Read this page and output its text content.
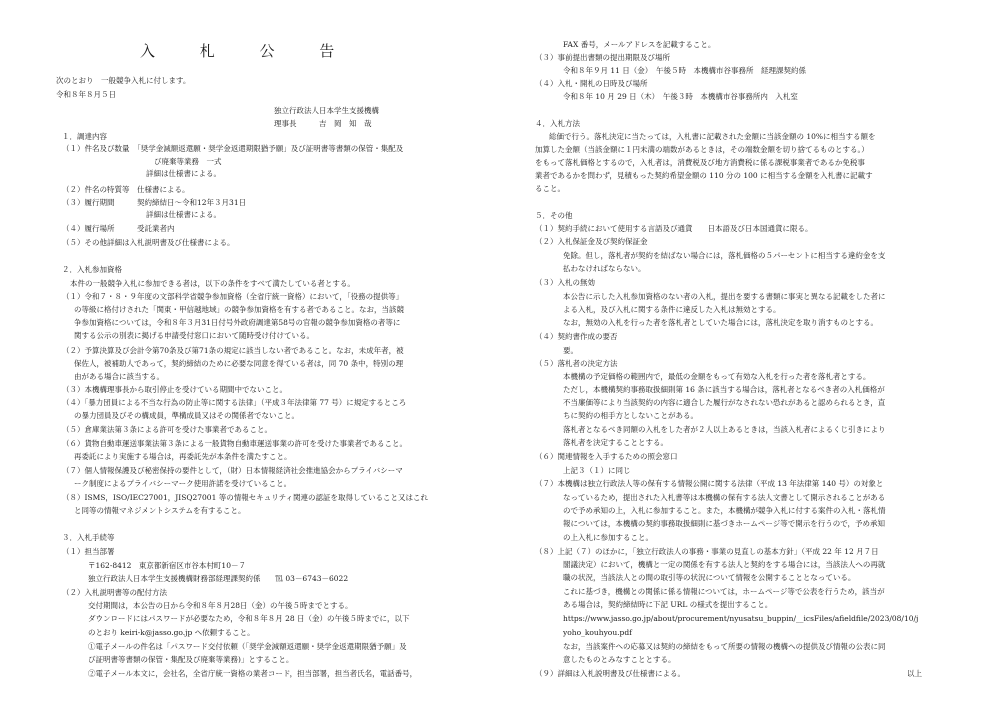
入 札 公 告
次のとおり　一般競争入札に付します。
令和８年８月５日
独立行政法人日本学生支援機構
理事長　　　吉　岡　知　哉
１．調達内容
（１）件名及び数量　「奨学金減額返還願・奨学金返還期限猶予願」及び証明書等書類の保管・集配及
び廃棄等業務　一式
詳細は仕様書による。
（２）件名の特質等　仕様書による。
（３）履行期間　　　契約締結日～令和12年３月31日
詳細は仕様書による。
（４）履行場所　　　受託業者内
（５）その他詳細は入札説明書及び仕様書による。
２．入札参加資格
本件の一般競争入札に参加できる者は，以下の条件をすべて満たしている者とする。
（１）令和７・８・９年度の文部科学省競争参加資格（全省庁統一資格）において，「役務の提供等」
の等級に格付けされた「関東・甲信越地域」の競争参加資格を有する者であること。なお，当該競
争参加資格については，令和８年３月31日付号外政府調達第58号の官報の競争参加資格の者等に
関する公示の別表に掲げる申請受付窓口において随時受け付けている。
（２）予算決算及び会計令第70条及び第71条の規定に該当しない者であること。なお，未成年者，被
保佐人，被補助人であって，契約締結のために必要な同意を得ている者は，同 70 条中，特別の理
由がある場合に該当する。
（３）本機構理事長から取引停止を受けている期間中でないこと。
（４）「暴力団員による不当な行為の防止等に関する法律」（平成３年法律第 77 号）に規定するところ
の暴力団員及びその構成員，準構成員又はその関係者でないこと。
（５）倉庫業法第３条による許可を受けた事業者であること。
（６）貨物自動車運送事業法第３条による一般貨物自動車運送事業の許可を受けた事業者であること。
再委託により実施する場合は，再委託先が本条件を満たすこと。
（７）個人情報保護及び秘密保持の要件として，（財）日本情報経済社会推進協会からプライバシーマ
ーク制度によるプライバシーマーク使用許諾を受けていること。
（８）ISMS，ISO/IEC27001，JISQ27001 等の情報セキュリティ関連の認証を取得していること又はこれ
と同等の情報マネジメントシステムを有すること。
３．入札手続等
（１）担当部署
〒162-8412　東京都新宿区市谷本村町10－７
独立行政法人日本学生支援機構財務部経理課契約係　　℡ 03－6743－6022
（２）入札説明書等の配付方法
交付期間は，本公告の日から令和８年８月28日（金）の午後５時までとする。
ダウンロードにはパスワードが必要なため，令和８年８月 28 日（金）の午後５時までに，以下
のとおり keiri-k@jasso.go.jp へ依頼すること。
①電子メールの件名は「パスワード交付依頼（「奨学金減額返還願・奨学金返還期限猶予願」及
び証明書等書類の保管・集配及び廃棄等業務)」とすること。
②電子メール本文に，会社名，全省庁統一資格の業者コード，担当部署，担当者氏名，電話番号，
FAX 番号，メールアドレスを記載すること。
（３）事前提出書類の提出期限及び場所
令和８年９月 11 日（金）　午後５時　本機構市谷事務所　経理課契約係
（４）入札・開札の日時及び場所
令和８年 10 月 29 日（木）　午後３時　本機構市谷事務所内　入札室
４．入札方法
総価で行う。落札決定に当たっては，入札書に記載された金額に当該金額の 10%に相当する額を
加算した金額（当該金額に１円未満の端数があるときは，その端数金額を切り捨てるものとする。）
をもって落札価格とするので，入札者は，消費税及び地方消費税に係る課税事業者であるか免税事
業者であるかを問わず，見積もった契約希望金額の 110 分の 100 に相当する金額を入札書に記載す
ること。
５．その他
（１）契約手続において使用する言語及び通貨　　日本語及び日本国通貨に限る。
（２）入札保証金及び契約保証金
免除。但し，落札者が契約を結ばない場合には，落札価格の５パーセントに相当する違約金を支
払わなければならない。
（３）入札の無効
本公告に示した入札参加資格のない者の入札，提出を要する書類に事実と異なる記載をした者に
よる入札，及び入札に関する条件に違反した入札は無効とする。
なお，無効の入札を行った者を落札者としていた場合には，落札決定を取り消すものとする。
（４）契約書作成の要否
要。
（５）落札者の決定方法
本機構の予定価格の範囲内で，最低の金額をもって有効な入札を行った者を落札者とする。
ただし，本機構契約事務取扱細則第 16 条に該当する場合は，落札者となるべき者の入札価格が
不当廉価等により当該契約の内容に適合した履行がなされない恐れがあると認められるとき，直
ちに契約の相手方としないことがある。
落札者となるべき同額の入札をした者が２人以上あるときは，当該入札者によるくじ引きにより
落札者を決定することとする。
（６）関連情報を入手するための照会窓口
上記３（１）に同じ
（７）本機構は独立行政法人等の保有する情報公開に関する法律（平成 13 年法律第 140 号）の対象と
なっているため，提出された入札書等は本機構の保有する法人文書として開示されることがある
ので予め承知の上，入札に参加すること。また，本機構が競争入札に付する案件の入札・落札情
報については，本機構の契約事務取扱細則に基づきホームページ等で開示を行うので，予め承知
の上入札に参加すること。
（８）上記（７）のほかに，「独立行政法人の事務・事業の見直しの基本方針」（平成 22 年 12 月７日
閣議決定）において，機構と一定の関係を有する法人と契約をする場合には，当該法人への再就
職の状況，当該法人との間の取引等の状況について情報を公開することとなっている。
これに基づき，機構との関係に係る情報については，ホームページ等で公表を行うため，該当が
ある場合は，契約締結時に下記 URL の様式を提出すること。
https://www.jasso.go.jp/about/procurement/nyusatsu_buppin/__icsFiles/afieldfile/2023/08/10/j
yoho_kouhyou.pdf
なお，当該案件への応募又は契約の締結をもって所要の情報の機構への提供及び情報の公表に同
意したものとみなすこととする。
（９）詳細は入札説明書及び仕様書による。	以上
